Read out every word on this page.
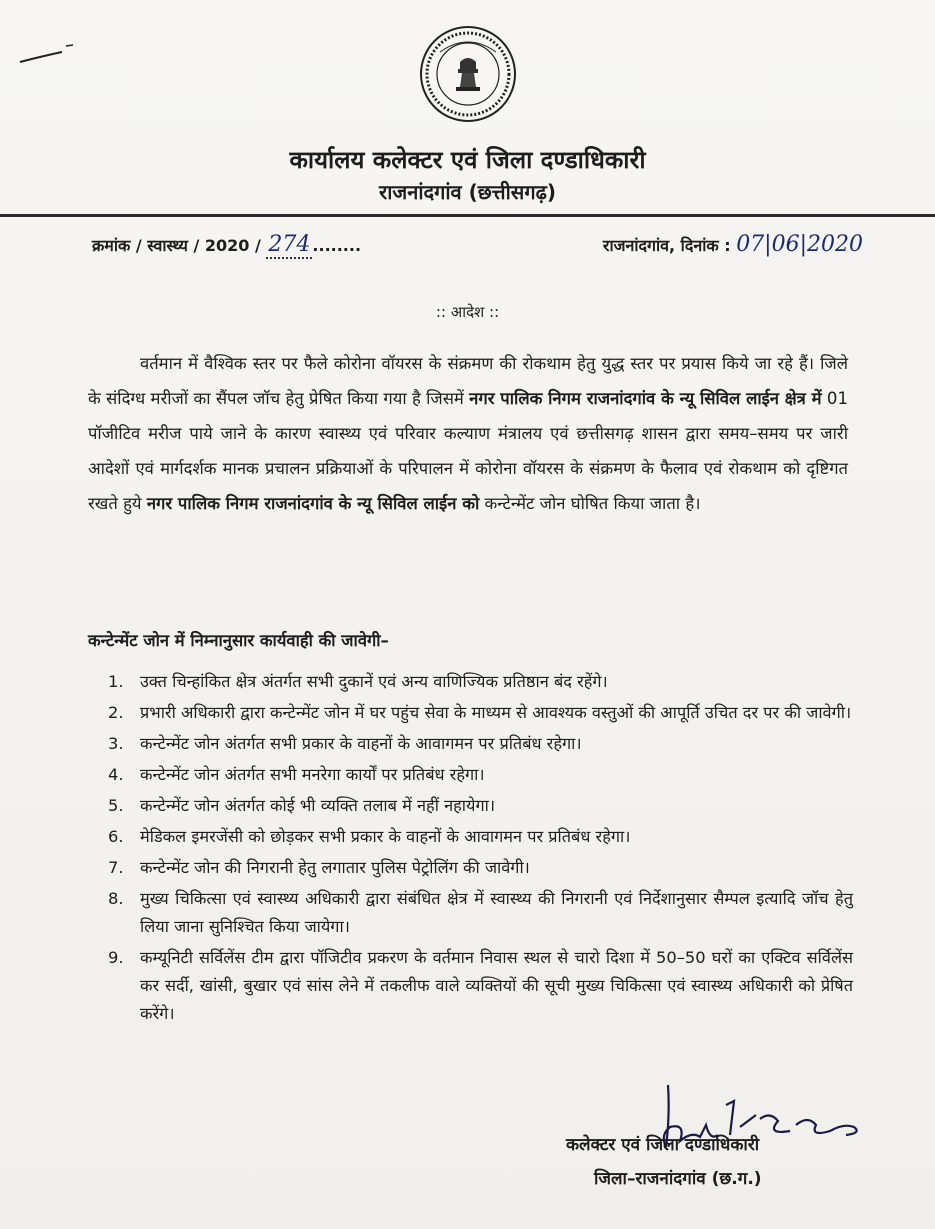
कार्यालय कलेक्टर एवं जिला दण्डाधिकारी
राजनांदगांव (छत्तीसगढ़)
क्रमांक / स्वास्थ्य / 2020 / 274 ........	राजनांदगांव, दिनांक : 07|06|2020
:: आदेश ::
वर्तमान में वैश्विक स्तर पर फैले कोरोना वॉयरस के संक्रमण की रोकथाम हेतु युद्ध स्तर पर प्रयास किये जा रहे हैं। जिले के संदिग्ध मरीजों का सैंपल जॉच हेतु प्रेषित किया गया है जिसमें नगर पालिक निगम राजनांदगांव के न्यू सिविल लाईन क्षेत्र में 01 पॉजीटिव मरीज पाये जाने के कारण स्वास्थ्य एवं परिवार कल्याण मंत्रालय एवं छत्तीसगढ़ शासन द्वारा समय–समय पर जारी आदेशों एवं मार्गदर्शक मानक प्रचालन प्रक्रियाओं के परिपालन में कोरोना वॉयरस के संक्रमण के फैलाव एवं रोकथाम को दृष्टिगत रखते हुये नगर पालिक निगम राजनांदगांव के न्यू सिविल लाईन को कन्टेन्मेंट जोन घोषित किया जाता है।
कन्टेन्मेंट जोन में निम्नानुसार कार्यवाही की जावेगी–
1.	उक्त चिन्हांकित क्षेत्र अंतर्गत सभी दुकानें एवं अन्य वाणिज्यिक प्रतिष्ठान बंद रहेंगे।
2.	प्रभारी अधिकारी द्वारा कन्टेन्मेंट जोन में घर पहुंच सेवा के माध्यम से आवश्यक वस्तुओं की आपूर्ति उचित दर पर की जावेगी।
3.	कन्टेन्मेंट जोन अंतर्गत सभी प्रकार के वाहनों के आवागमन पर प्रतिबंध रहेगा।
4.	कन्टेन्मेंट जोन अंतर्गत सभी मनरेगा कार्यों पर प्रतिबंध रहेगा।
5.	कन्टेन्मेंट जोन अंतर्गत कोई भी व्यक्ति तलाब में नहीं नहायेगा।
6.	मेडिकल इमरजेंसी को छोड़कर सभी प्रकार के वाहनों के आवागमन पर प्रतिबंध रहेगा।
7.	कन्टेन्मेंट जोन की निगरानी हेतु लगातार पुलिस पेट्रोलिंग की जावेगी।
8.	मुख्य चिकित्सा एवं स्वास्थ्य अधिकारी द्वारा संबंधित क्षेत्र में स्वास्थ्य की निगरानी एवं निर्देशानुसार सैम्पल इत्यादि जॉच हेतु लिया जाना सुनिश्चित किया जायेगा।
9.	कम्यूनिटी सर्विलेंस टीम द्वारा पॉजिटीव प्रकरण के वर्तमान निवास स्थल से चारो दिशा में 50–50 घरों का एक्टिव सर्विलेंस कर सर्दी, खांसी, बुखार एवं सांस लेने में तकलीफ वाले व्यक्तियों की सूची मुख्य चिकित्सा एवं स्वास्थ्य अधिकारी को प्रेषित करेंगे।
कलेक्टर एवं जिला दण्डाधिकारी
जिला–राजनांदगांव (छ.ग.)
